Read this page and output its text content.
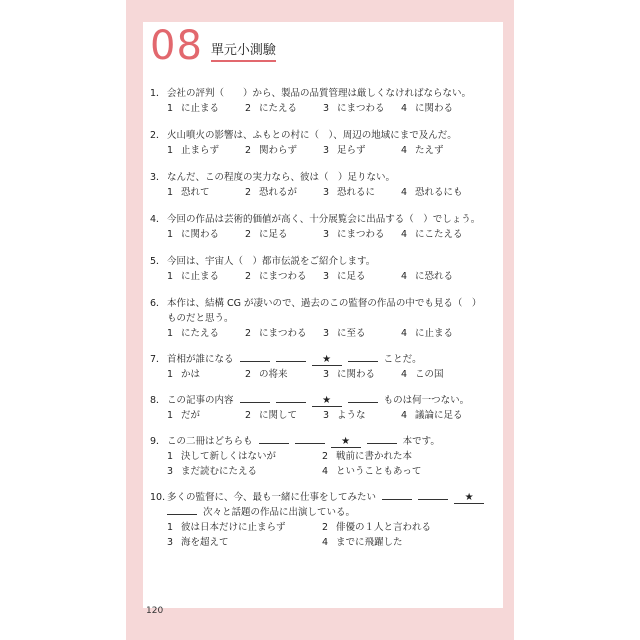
08 單元小測驗
1．会社の評判（　　）から、製品の品質管理は厳しくなければならない。
1 に止まる	2 にたえる	3 にまつわる	4 に関わる
2．火山噴火の影響は、ふもとの村に（　）、周辺の地域にまで及んだ。
1 止まらず	2 関わらず	3 足らず	4 たえず
3．なんだ、この程度の実力なら、彼は（　）足りない。
1 恐れて	2 恐れるが	3 恐れるに	4 恐れるにも
4．今回の作品は芸術的価値が高く、十分展覧会に出品する（　）でしょう。
1 に関わる	2 に足る	3 にまつわる	4 にこたえる
5．今回は、宇宙人（　）都市伝説をご紹介します。
1 に止まる	2 にまつわる	3 に足る	4 に恐れる
6．本作は、結構 CG が凄いので、過去のこの監督の作品の中でも見る（　）
ものだと思う。
1 にたえる	2 にまつわる	3 に至る	4 に止まる
7．首相が誰になる	★	ことだ。
1 かは	2 の将来	3 に関わる	4 この国
8．この記事の内容	★	ものは何一つない。
1 だが	2 に関して	3 ような	4 議論に足る
9．この二冊はどちらも	★	本です。
1 決して新しくはないが	2 戦前に書かれた本
3 まだ読むにたえる	4 ということもあって
10．多くの監督に、今、最も一緒に仕事をしてみたい	★
次々と話題の作品に出演している。
1 彼は日本だけに止まらず	2 俳優の１人と言われる
3 海を超えて	4 までに飛躍した
120
